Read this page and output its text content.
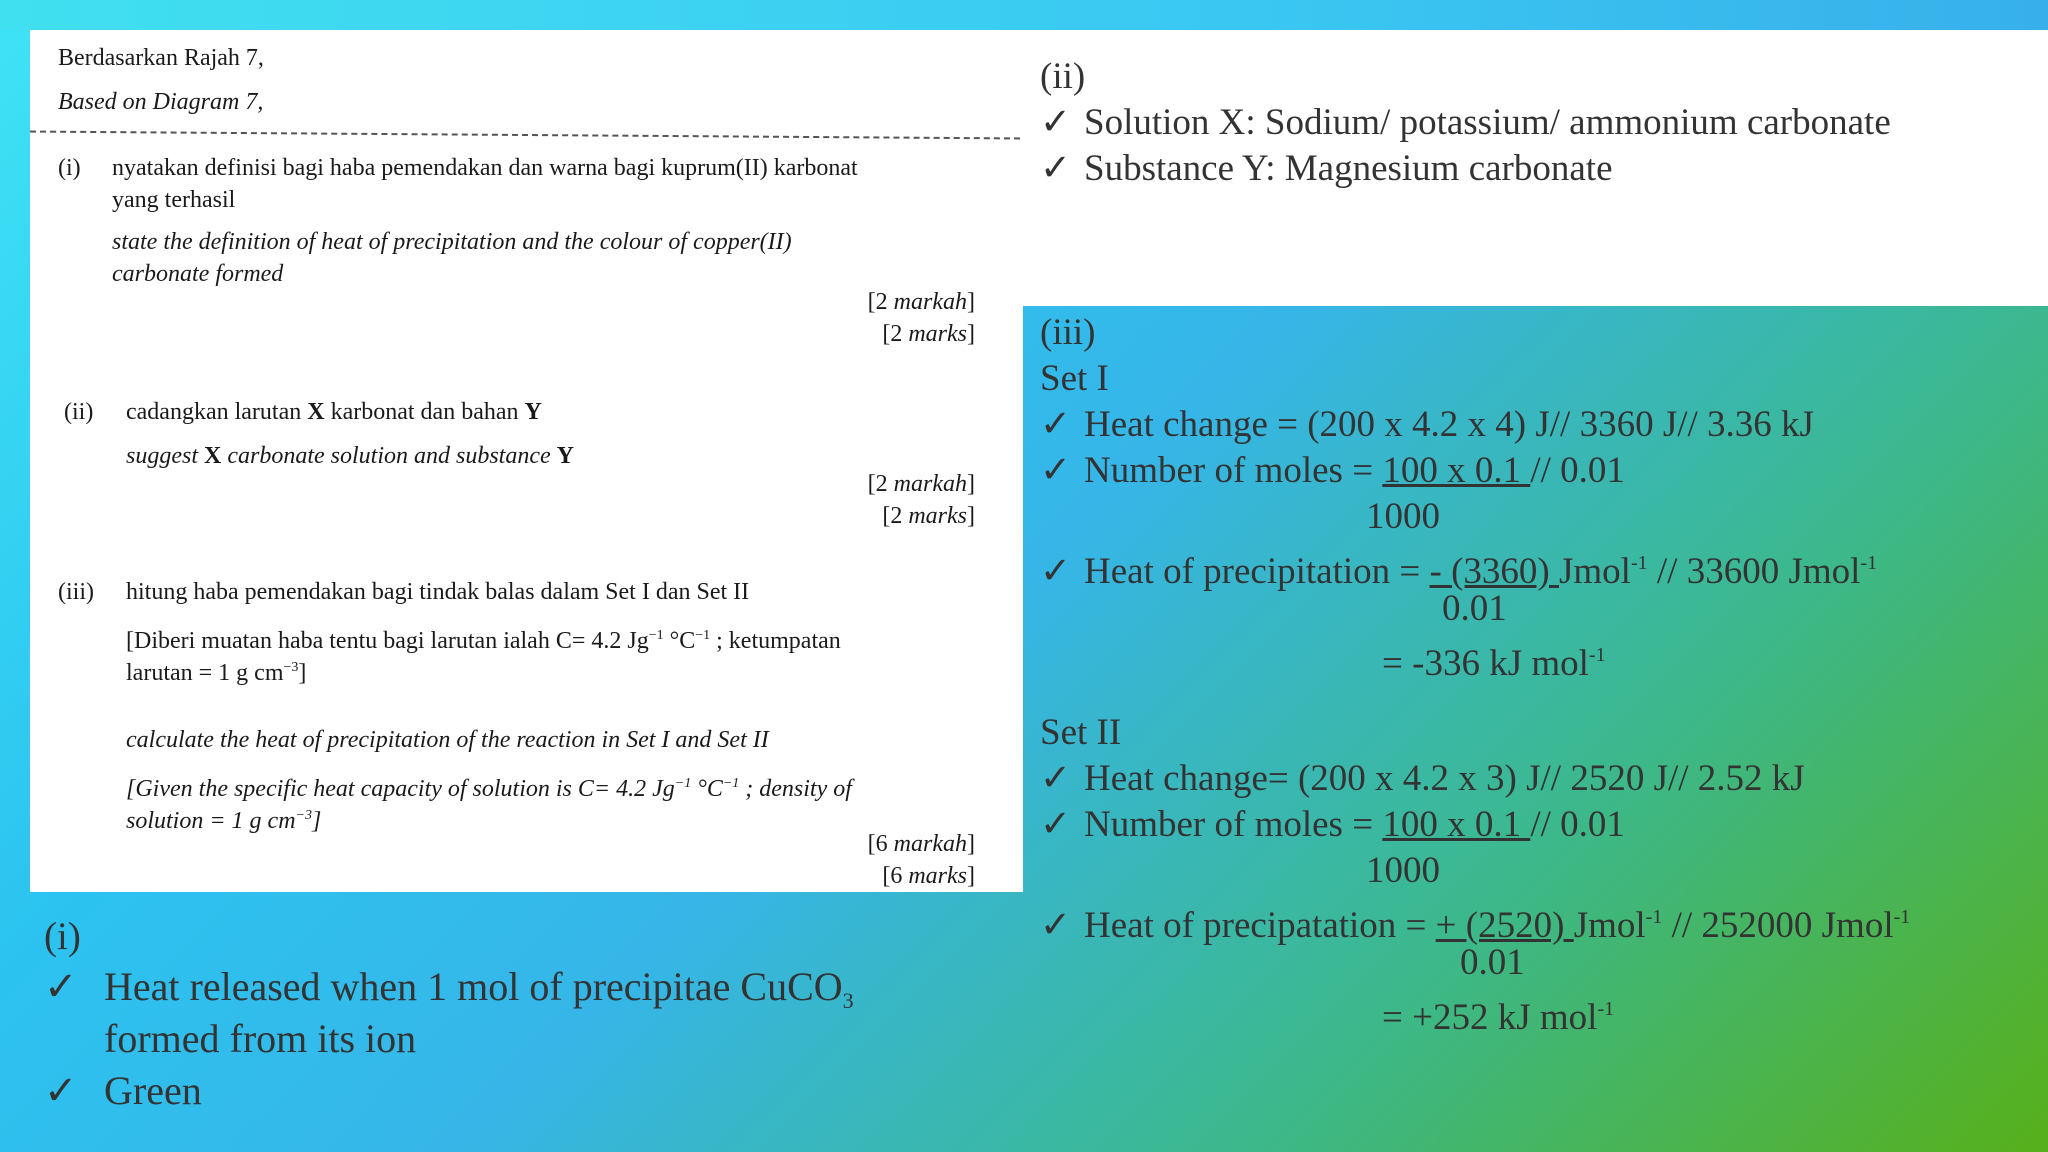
Berdasarkan Rajah 7,
Based on Diagram 7,
(i) nyatakan definisi bagi haba pemendakan dan warna bagi kuprum(II) karbonat
yang terhasil
state the definition of heat of precipitation and the colour of copper(II)
carbonate formed
[2 markah]
[2 marks]
(ii) cadangkan larutan X karbonat dan bahan Y
suggest X carbonate solution and substance Y
[2 markah]
[2 marks]
(iii) hitung haba pemendakan bagi tindak balas dalam Set I dan Set II
[Diberi muatan haba tentu bagi larutan ialah C= 4.2 $Jg^{-1}$ $^\circ C^{-1}$ ; ketumpatan
larutan = 1 g $cm^{-3}$]
calculate the heat of precipitation of the reaction in Set I and Set II
[Given the specific heat capacity of solution is C= 4.2 $Jg^{-1}$ $^\circ C^{-1}$ ; density of
solution = 1 g $cm^{-3}$]
[6 markah]
[6 marks]
(ii)
✓ Solution X: Sodium/ potassium/ ammonium carbonate
✓ Substance Y: Magnesium carbonate
(iii)
Set I
✓ Heat change = (200 x 4.2 x 4) J// 3360 J// 3.36 kJ
✓ Number of moles = 100 x 0.1 // 0.01
1000
✓ Heat of precipitation = - (3360) Jmol$^{-1}$ // 33600 Jmol$^{-1}$
0.01
= -336 kJ mol$^{-1}$
Set II
✓ Heat change= (200 x 4.2 x 3) J// 2520 J// 2.52 kJ
✓ Number of moles = 100 x 0.1 // 0.01
1000
✓ Heat of precipatation = + (2520) Jmol$^{-1}$ // 252000 Jmol$^{-1}$
0.01
= +252 kJ mol$^{-1}$
(i)
✓ Heat released when 1 mol of precipitae CuCO$_3$
formed from its ion
✓ Green
